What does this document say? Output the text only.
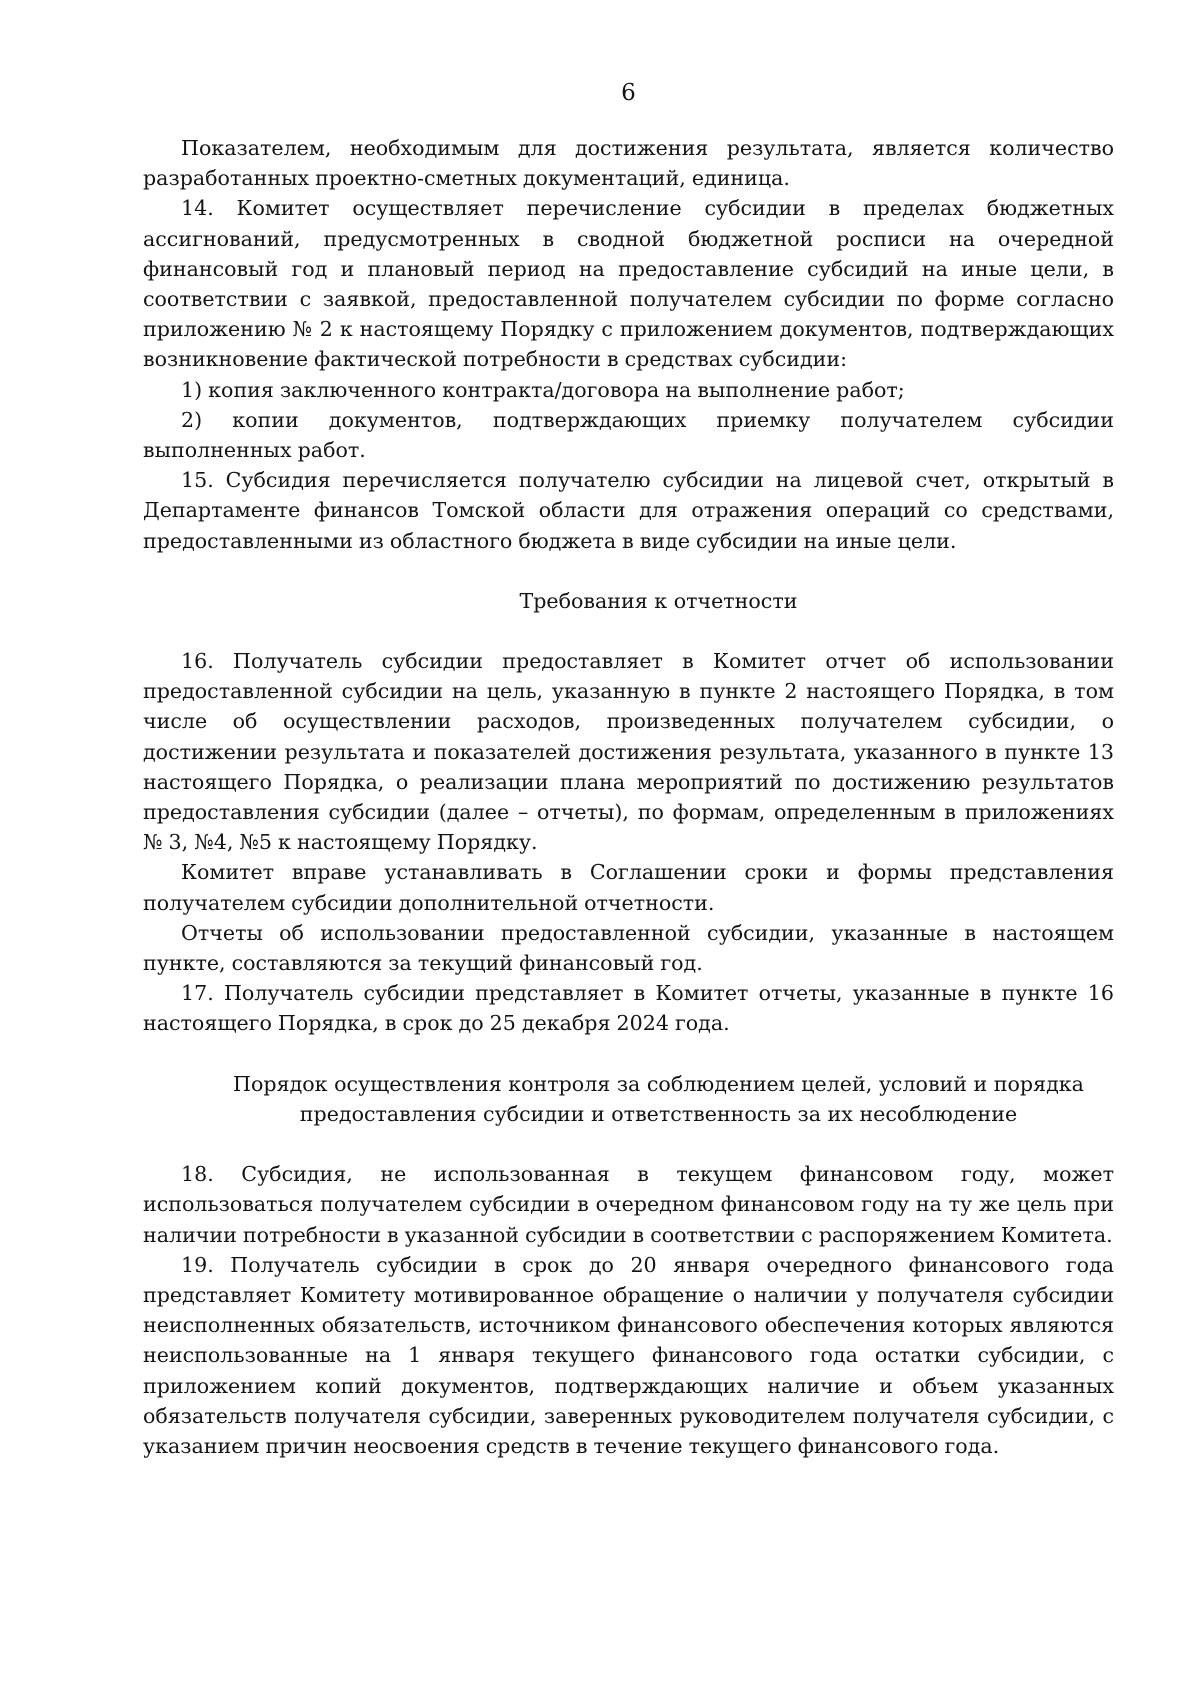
6

Показателем, необходимым для достижения результата, является количество разработанных проектно-сметных документаций, единица.

14. Комитет осуществляет перечисление субсидии в пределах бюджетных ассигнований, предусмотренных в сводной бюджетной росписи на очередной финансовый год и плановый период на предоставление субсидий на иные цели, в соответствии с заявкой, предоставленной получателем субсидии по форме согласно приложению № 2 к настоящему Порядку с приложением документов, подтверждающих возникновение фактической потребности в средствах субсидии:

1) копия заключенного контракта/договора на выполнение работ;

2) копии документов, подтверждающих приемку получателем субсидии выполненных работ.

15. Субсидия перечисляется получателю субсидии на лицевой счет, открытый в Департаменте финансов Томской области для отражения операций со средствами, предоставленными из областного бюджета в виде субсидии на иные цели.

Требования к отчетности

16. Получатель субсидии предоставляет в Комитет отчет об использовании предоставленной субсидии на цель, указанную в пункте 2 настоящего Порядка, в том числе об осуществлении расходов, произведенных получателем субсидии, о достижении результата и показателей достижения результата, указанного в пункте 13 настоящего Порядка, о реализации плана мероприятий по достижению результатов предоставления субсидии (далее – отчеты), по формам, определенным в приложениях № 3, №4, №5 к настоящему Порядку.

Комитет вправе устанавливать в Соглашении сроки и формы представления получателем субсидии дополнительной отчетности.

Отчеты об использовании предоставленной субсидии, указанные в настоящем пункте, составляются за текущий финансовый год.

17. Получатель субсидии представляет в Комитет отчеты, указанные в пункте 16 настоящего Порядка, в срок до 25 декабря 2024 года.

Порядок осуществления контроля за соблюдением целей, условий и порядка
предоставления субсидии и ответственность за их несоблюдение

18. Субсидия, не использованная в текущем финансовом году, может использоваться получателем субсидии в очередном финансовом году на ту же цель при наличии потребности в указанной субсидии в соответствии с распоряжением Комитета.

19. Получатель субсидии в срок до 20 января очередного финансового года представляет Комитету мотивированное обращение о наличии у получателя субсидии неисполненных обязательств, источником финансового обеспечения которых являются неиспользованные на 1 января текущего финансового года остатки субсидии, с приложением копий документов, подтверждающих наличие и объем указанных обязательств получателя субсидии, заверенных руководителем получателя субсидии, с указанием причин неосвоения средств в течение текущего финансового года.
